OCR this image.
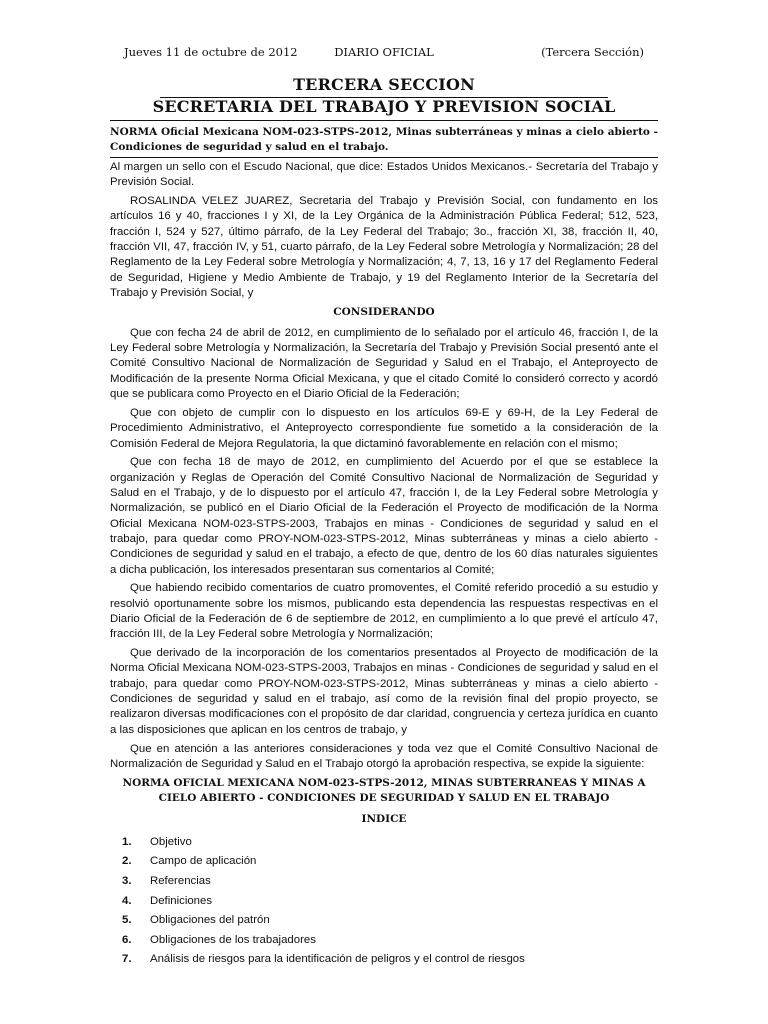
Jueves 11 de octubre de 2012	DIARIO OFICIAL	(Tercera Sección)
TERCERA SECCION
SECRETARIA DEL TRABAJO Y PREVISION SOCIAL
NORMA Oficial Mexicana NOM-023-STPS-2012, Minas subterráneas y minas a cielo abierto - Condiciones de seguridad y salud en el trabajo.

Al margen un sello con el Escudo Nacional, que dice: Estados Unidos Mexicanos.- Secretaría del Trabajo y Previsión Social.

ROSALINDA VELEZ JUAREZ, Secretaria del Trabajo y Previsión Social, con fundamento en los artículos 16 y 40, fracciones I y XI, de la Ley Orgánica de la Administración Pública Federal; 512, 523, fracción I, 524 y 527, último párrafo, de la Ley Federal del Trabajo; 3o., fracción XI, 38, fracción II, 40, fracción VII, 47, fracción IV, y 51, cuarto párrafo, de la Ley Federal sobre Metrología y Normalización; 28 del Reglamento de la Ley Federal sobre Metrología y Normalización; 4, 7, 13, 16 y 17 del Reglamento Federal de Seguridad, Higiene y Medio Ambiente de Trabajo, y 19 del Reglamento Interior de la Secretaría del Trabajo y Previsión Social, y

CONSIDERANDO

Que con fecha 24 de abril de 2012, en cumplimiento de lo señalado por el artículo 46, fracción I, de la Ley Federal sobre Metrología y Normalización, la Secretaría del Trabajo y Previsión Social presentó ante el Comité Consultivo Nacional de Normalización de Seguridad y Salud en el Trabajo, el Anteproyecto de Modificación de la presente Norma Oficial Mexicana, y que el citado Comité lo consideró correcto y acordó que se publicara como Proyecto en el Diario Oficial de la Federación;

Que con objeto de cumplir con lo dispuesto en los artículos 69-E y 69-H, de la Ley Federal de Procedimiento Administrativo, el Anteproyecto correspondiente fue sometido a la consideración de la Comisión Federal de Mejora Regulatoria, la que dictaminó favorablemente en relación con el mismo;

Que con fecha 18 de mayo de 2012, en cumplimiento del Acuerdo por el que se establece la organización y Reglas de Operación del Comité Consultivo Nacional de Normalización de Seguridad y Salud en el Trabajo, y de lo dispuesto por el artículo 47, fracción I, de la Ley Federal sobre Metrología y Normalización, se publicó en el Diario Oficial de la Federación el Proyecto de modificación de la Norma Oficial Mexicana NOM-023-STPS-2003, Trabajos en minas - Condiciones de seguridad y salud en el trabajo, para quedar como PROY-NOM-023-STPS-2012, Minas subterráneas y minas a cielo abierto - Condiciones de seguridad y salud en el trabajo, a efecto de que, dentro de los 60 días naturales siguientes a dicha publicación, los interesados presentaran sus comentarios al Comité;

Que habiendo recibido comentarios de cuatro promoventes, el Comité referido procedió a su estudio y resolvió oportunamente sobre los mismos, publicando esta dependencia las respuestas respectivas en el Diario Oficial de la Federación de 6 de septiembre de 2012, en cumplimiento a lo que prevé el artículo 47, fracción III, de la Ley Federal sobre Metrología y Normalización;

Que derivado de la incorporación de los comentarios presentados al Proyecto de modificación de la Norma Oficial Mexicana NOM-023-STPS-2003, Trabajos en minas - Condiciones de seguridad y salud en el trabajo, para quedar como PROY-NOM-023-STPS-2012, Minas subterráneas y minas a cielo abierto - Condiciones de seguridad y salud en el trabajo, así como de la revisión final del propio proyecto, se realizaron diversas modificaciones con el propósito de dar claridad, congruencia y certeza jurídica en cuanto a las disposiciones que aplican en los centros de trabajo, y

Que en atención a las anteriores consideraciones y toda vez que el Comité Consultivo Nacional de Normalización de Seguridad y Salud en el Trabajo otorgó la aprobación respectiva, se expide la siguiente:

NORMA OFICIAL MEXICANA NOM-023-STPS-2012, MINAS SUBTERRANEAS Y MINAS A CIELO ABIERTO - CONDICIONES DE SEGURIDAD Y SALUD EN EL TRABAJO
INDICE
1.	Objetivo
2.	Campo de aplicación
3.	Referencias
4.	Definiciones
5.	Obligaciones del patrón
6.	Obligaciones de los trabajadores
7.	Análisis de riesgos para la identificación de peligros y el control de riesgos
